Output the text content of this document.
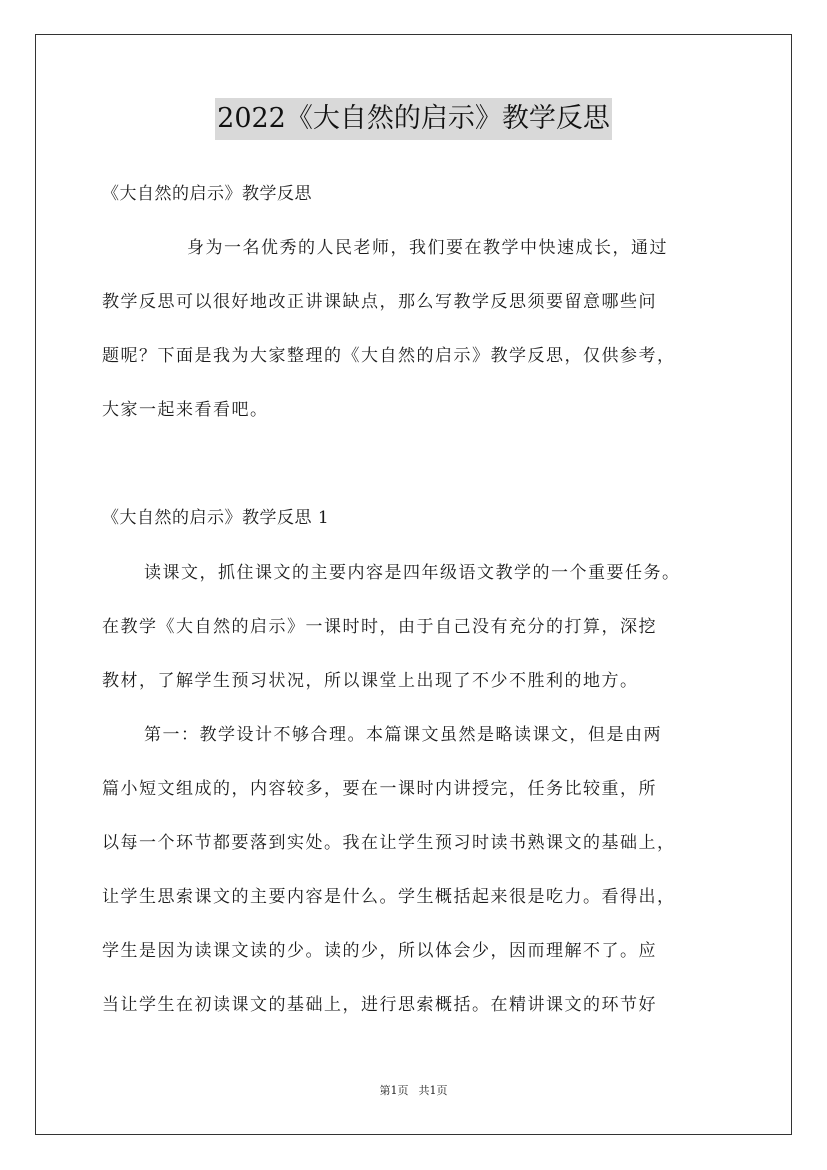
2022《大自然的启示》教学反思
《大自然的启示》教学反思
身为一名优秀的人民老师，我们要在教学中快速成长，通过
教学反思可以很好地改正讲课缺点，那么写教学反思须要留意哪些问
题呢？下面是我为大家整理的《大自然的启示》教学反思，仅供参考，
大家一起来看看吧。
《大自然的启示》教学反思 1
读课文，抓住课文的主要内容是四年级语文教学的一个重要任务。
在教学《大自然的启示》一课时时，由于自己没有充分的打算，深挖
教材，了解学生预习状况，所以课堂上出现了不少不胜利的地方。
第一：教学设计不够合理。本篇课文虽然是略读课文，但是由两
篇小短文组成的，内容较多，要在一课时内讲授完，任务比较重，所
以每一个环节都要落到实处。我在让学生预习时读书熟课文的基础上，
让学生思索课文的主要内容是什么。学生概括起来很是吃力。看得出，
学生是因为读课文读的少。读的少，所以体会少，因而理解不了。应
当让学生在初读课文的基础上，进行思索概括。在精讲课文的环节好
第1页 共1页
